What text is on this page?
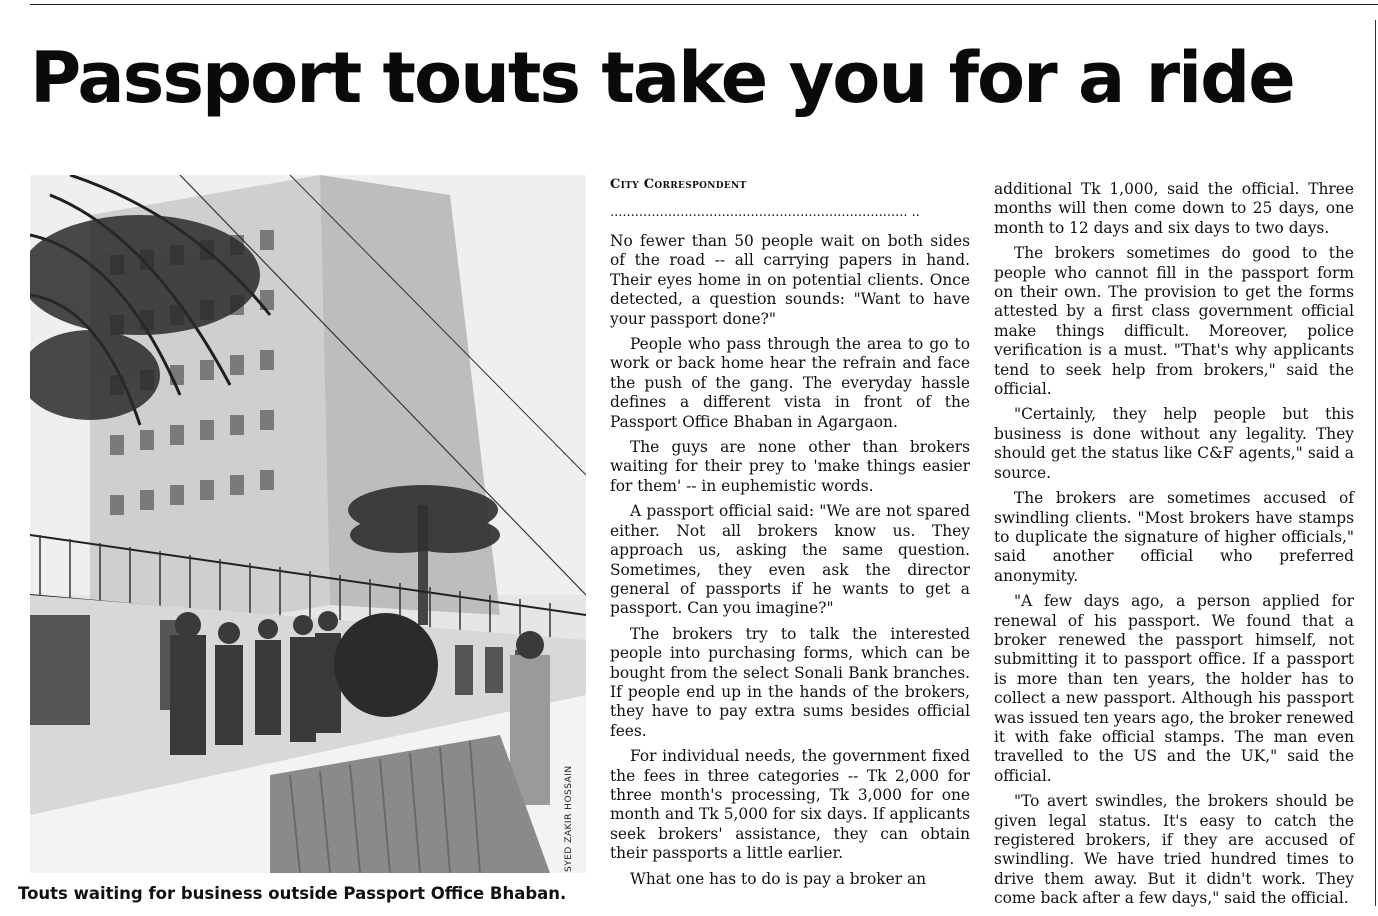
Passport touts take you for a ride
SYED ZAKIR HOSSAIN

Touts waiting for business outside Passport Office Bhaban.

City Correspondent
........................................................................ ..

No fewer than 50 people wait on both sides of the road -- all carrying papers in hand. Their eyes home in on potential clients. Once detected, a question sounds: "Want to have your passport done?"

People who pass through the area to go to work or back home hear the refrain and face the push of the gang. The everyday hassle defines a different vista in front of the Passport Office Bhaban in Agargaon.

The guys are none other than brokers waiting for their prey to 'make things easier for them' -- in euphemistic words.

A passport official said: "We are not spared either. Not all brokers know us. They approach us, asking the same question. Sometimes, they even ask the director general of passports if he wants to get a passport. Can you imagine?"

The brokers try to talk the interested people into purchasing forms, which can be bought from the select Sonali Bank branches. If people end up in the hands of the brokers, they have to pay extra sums besides official fees.

For individual needs, the government fixed the fees in three categories -- Tk 2,000 for three month's processing, Tk 3,000 for one month and Tk 5,000 for six days. If applicants seek brokers' assistance, they can obtain their passports a little earlier.

What one has to do is pay a broker an

additional Tk 1,000, said the official. Three months will then come down to 25 days, one month to 12 days and six days to two days.

The brokers sometimes do good to the people who cannot fill in the passport form on their own. The provision to get the forms attested by a first class government official make things difficult. Moreover, police verification is a must. "That's why applicants tend to seek help from brokers," said the official.

"Certainly, they help people but this business is done without any legality. They should get the status like C&F agents," said a source.

The brokers are sometimes accused of swindling clients. "Most brokers have stamps to duplicate the signature of higher officials," said another official who preferred anonymity.

"A few days ago, a person applied for renewal of his passport. We found that a broker renewed the passport himself, not submitting it to passport office. If a passport is more than ten years, the holder has to collect a new passport. Although his passport was issued ten years ago, the broker renewed it with fake official stamps. The man even travelled to the US and the UK," said the official.

"To avert swindles, the brokers should be given legal status. It's easy to catch the registered brokers, if they are accused of swindling. We have tried hundred times to drive them away. But it didn't work. They come back after a few days," said the official.
